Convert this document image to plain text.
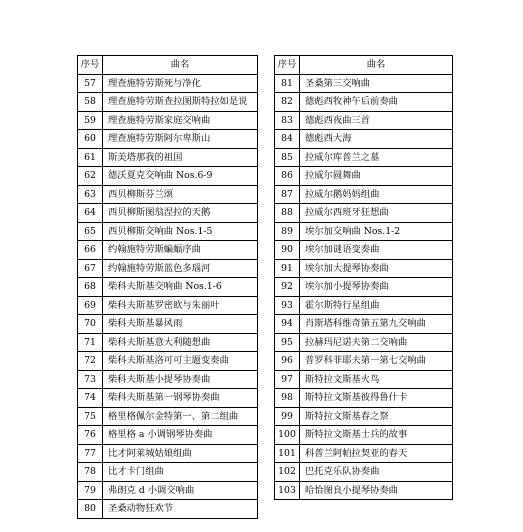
序号	曲名
57	理查施特劳斯死与净化
58	理查施特劳斯查拉图斯特拉如是说
59	理查施特劳斯家庭交响曲
60	理查施特劳斯阿尔卑斯山
61	斯美塔那我的祖国
62	德沃夏克交响曲 Nos.6-9
63	西贝柳斯芬兰颂
64	西贝柳斯图翁涅拉的天鹅
65	西贝柳斯交响曲 Nos.1-5
66	约翰施特劳斯蝙蝠序曲
67	约翰施特劳斯蓝色多瑙河
68	柴科夫斯基交响曲 Nos.1-6
69	柴科夫斯基罗密欧与朱丽叶
70	柴科夫斯基暴风雨
71	柴科夫斯基意大利随想曲
72	柴科夫斯基洛可可主题变奏曲
73	柴科夫斯基小提琴协奏曲
74	柴科夫斯基第一钢琴协奏曲
75	格里格佩尔金特第一、第二组曲
76	格里格 a 小调钢琴协奏曲
77	比才阿莱城姑娘组曲
78	比才卡门组曲
79	弗朗克 d 小调交响曲
80	圣桑动物狂欢节
序号	曲名
81	圣桑第三交响曲
82	德彪西牧神午后前奏曲
83	德彪西夜曲三首
84	德彪西大海
85	拉威尔库普兰之墓
86	拉威尔圆舞曲
87	拉威尔鹅妈妈组曲
88	拉威尔西班牙狂想曲
89	埃尔加交响曲 Nos.1-2
90	埃尔加谜语变奏曲
91	埃尔加大提琴协奏曲
92	埃尔加小提琴协奏曲
93	霍尔斯特行星组曲
94	肖斯塔科维奇第五第九交响曲
95	拉赫玛尼诺夫第二交响曲
96	普罗科菲耶夫第一第七交响曲
97	斯特拉文斯基火鸟
98	斯特拉文斯基彼得鲁什卡
99	斯特拉文斯基春之祭
100	斯特拉文斯基士兵的故事
101	科普兰阿帕拉契亚的春天
102	巴托克乐队协奏曲
103	哈恰图良小提琴协奏曲
